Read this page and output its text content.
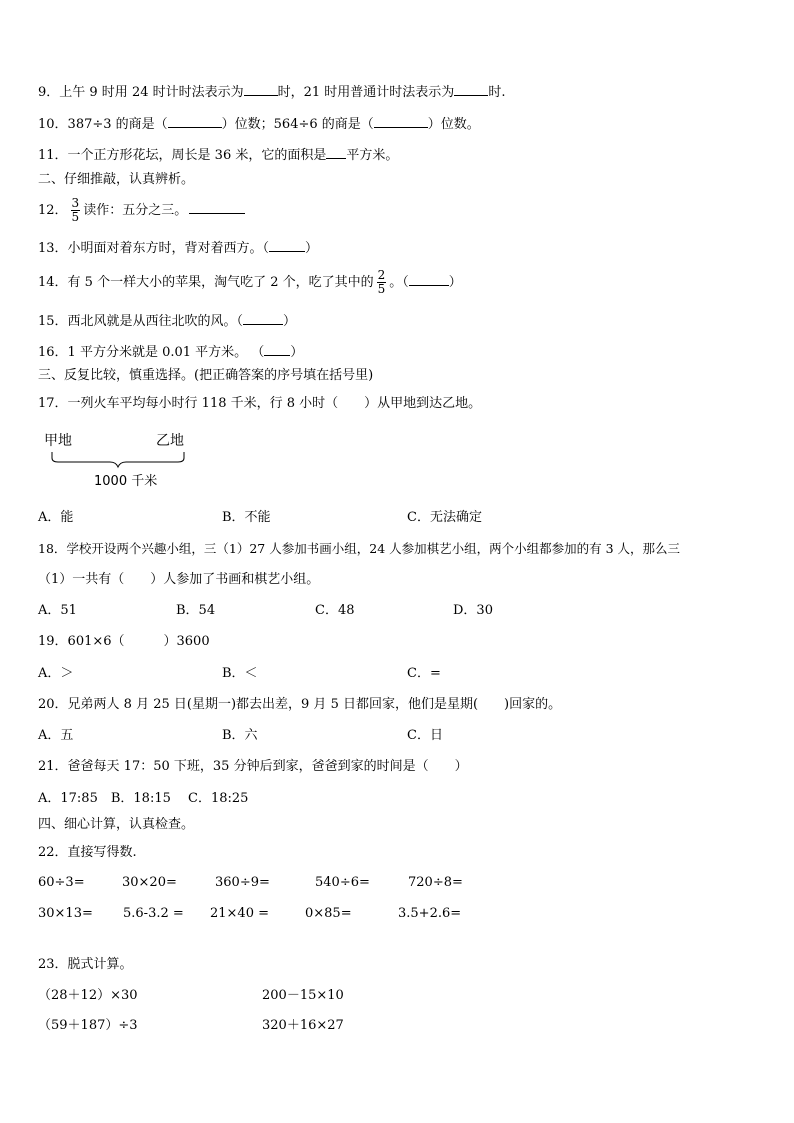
9．上午 9 时用 24 时计时法表示为	时，21 时用普通计时法表示为	时.
10．387÷3 的商是（	）位数；564÷6 的商是（	）位数。
11．一个正方形花坛，周长是 36 米，它的面积是 平方米。
二、仔细推敲，认真辨析。
12． $\frac{3}{5}$ 读作：五分之三。
13．小明面对着东方时，背对着西方。（	）
14．有 5 个一样大小的苹果，淘气吃了 2 个，吃了其中的 $\frac{2}{5}$ 。（	）
15．西北风就是从西往北吹的风。（	）
16．1 平方分米就是 0.01 平方米。 （ ）
三、反复比较，慎重选择。(把正确答案的序号填在括号里)
17．一列火车平均每小时行 118 千米，行 8 小时（　　）从甲地到达乙地。
甲地	乙地
1000 千米
A．能	B．不能	C．无法确定
18．学校开设两个兴趣小组，三（1）27 人参加书画小组，24 人参加棋艺小组，两个小组都参加的有 3 人，那么三
（1）一共有（　　）人参加了书画和棋艺小组。
A．51	B．54	C．48	D．30
19．601×6（　　　）3600
A．＞	B．＜	C．=
20．兄弟两人 8 月 25 日(星期一)都去出差，9 月 5 日都回家，他们是星期(　　)回家的。
A．五	B．六	C．日
21．爸爸每天 17：50 下班，35 分钟后到家，爸爸到家的时间是（　　）
A．17:85　B．18:15　 C．18:25
四、细心计算，认真检查。
22．直接写得数.
60÷3=	30×20=	360÷9=	540÷6=	720÷8=
30×13= 5.6-3.2 = 21×40 =	0×85=	3.5+2.6=
23．脱式计算。
（28＋12）×30	200－15×10
（59＋187）÷3	320＋16×27
